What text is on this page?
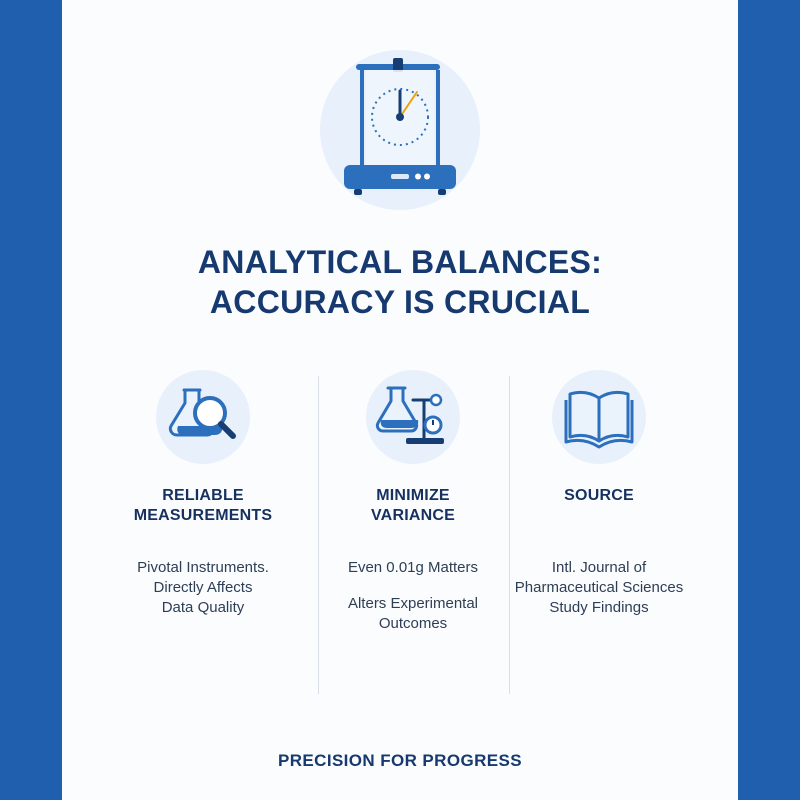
ANALYTICAL BALANCES:
ACCURACY IS CRUCIAL
RELIABLE
MEASUREMENTS
Pivotal Instruments.
Directly Affects
Data Quality
MINIMIZE
VARIANCE
Even 0.01g Matters
Alters Experimental
Outcomes
SOURCE
Intl. Journal of
Pharmaceutical Sciences
Study Findings
PRECISION FOR PROGRESS
